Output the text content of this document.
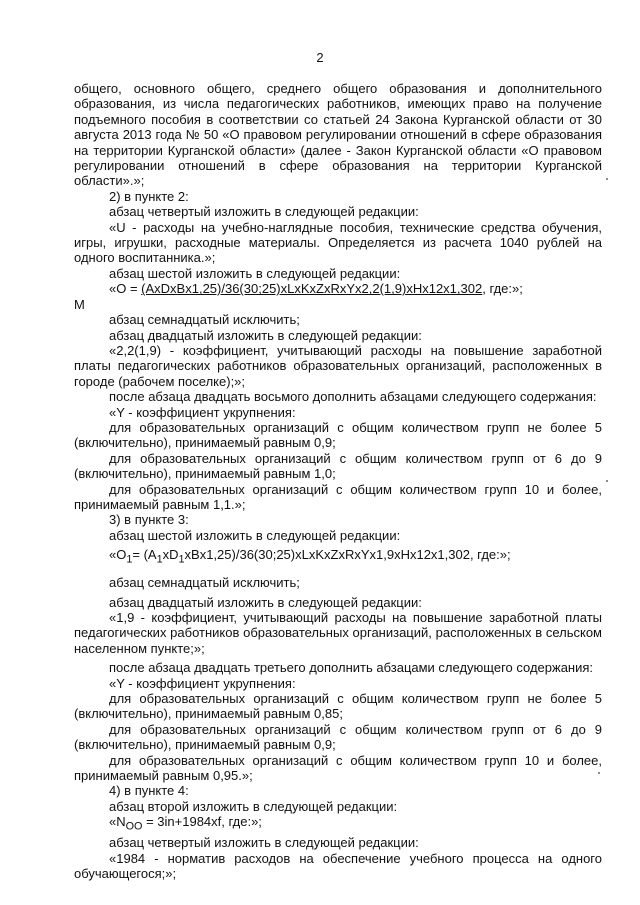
2

общего, основного общего, среднего общего образования и дополнительного образования, из числа педагогических работников, имеющих право на получение подъемного пособия в соответствии со статьей 24 Закона Курганской области от 30 августа 2013 года № 50 «О правовом регулировании отношений в сфере образования на территории Курганской области» (далее - Закон Курганской области «О правовом регулировании отношений в сфере образования на территории Курганской области».»;

2) в пункте 2:

абзац четвертый изложить в следующей редакции:

«U - расходы на учебно-наглядные пособия, технические средства обучения, игры, игрушки, расходные материалы. Определяется из расчета 1040 рублей на одного воспитанника.»;

абзац шестой изложить в следующей редакции:

«О = (AxDxBx1,25)/36(30;25)xLxKxZxRxYx2,2(1,9)xHx12x1,302, где:»;

М

абзац семнадцатый исключить;

абзац двадцатый изложить в следующей редакции:

«2,2(1,9) - коэффициент, учитывающий расходы на повышение заработной платы педагогических работников образовательных организаций, расположенных в городе (рабочем поселке);»;

после абзаца двадцать восьмого дополнить абзацами следующего содержания:

«Y - коэффициент укрупнения:

для образовательных организаций с общим количеством групп не более 5 (включительно), принимаемый равным 0,9;

для образовательных организаций с общим количеством групп от 6 до 9 (включительно), принимаемый равным 1,0;

для образовательных организаций с общим количеством групп 10 и более, принимаемый равным 1,1.»;

3) в пункте 3:

абзац шестой изложить в следующей редакции:

«$О_1=$ $(А_1хD_1хBх1,25)/36(30;25)хLхKхZхRхYх1,9хHх12х1,302$, где:»;

абзац семнадцатый исключить;

абзац двадцатый изложить в следующей редакции:

«1,9 - коэффициент, учитывающий расходы на повышение заработной платы педагогических работников образовательных организаций, расположенных в сельском населенном пункте;»;

после абзаца двадцать третьего дополнить абзацами следующего содержания:

«Y - коэффициент укрупнения:

для образовательных организаций с общим количеством групп не более 5 (включительно), принимаемый равным 0,85;

для образовательных организаций с общим количеством групп от 6 до 9 (включительно), принимаемый равным 0,9;

для образовательных организаций с общим количеством групп 10 и более, принимаемый равным 0,95.»;

4) в пункте 4:

абзац второй изложить в следующей редакции:

«$N_{ОО} = 3in+1984хf$, где:»;

абзац четвертый изложить в следующей редакции:

«1984 - норматив расходов на обеспечение учебного процесса на одного обучающегося;»;
